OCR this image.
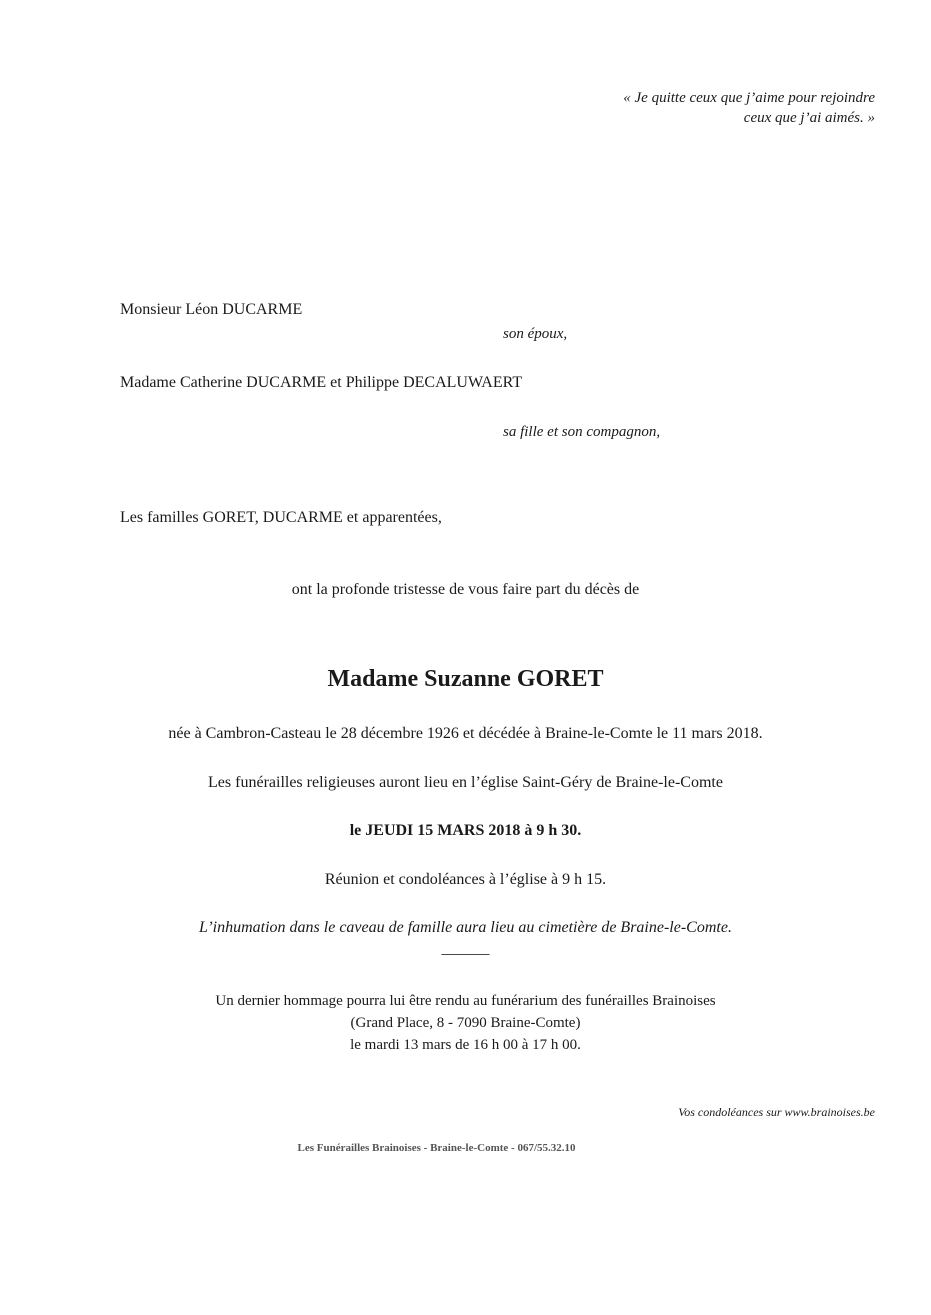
« Je quitte ceux que j’aime pour rejoindre
ceux que j’ai aimés. »
Monsieur Léon DUCARME
son époux,
Madame Catherine DUCARME et Philippe DECALUWAERT
sa fille et son compagnon,
Les familles GORET, DUCARME et apparentées,
ont la profonde tristesse de vous faire part du décès de
Madame Suzanne GORET
née à Cambron-Casteau le 28 décembre 1926 et décédée à Braine-le-Comte le 11 mars 2018.
Les funérailles religieuses auront lieu en l’église Saint-Géry de Braine-le-Comte
le JEUDI 15 MARS 2018 à 9 h 30.
Réunion et condoléances à l’église à 9 h 15.
L’inhumation dans le caveau de famille aura lieu au cimetière de Braine-le-Comte.
______
Un dernier hommage pourra lui être rendu au funérarium des funérailles Brainoises
(Grand Place, 8 - 7090 Braine-Comte)
le mardi 13 mars de 16 h 00 à 17 h 00.
Vos condoléances sur www.brainoises.be
Les Funérailles Brainoises - Braine-le-Comte - 067/55.32.10
